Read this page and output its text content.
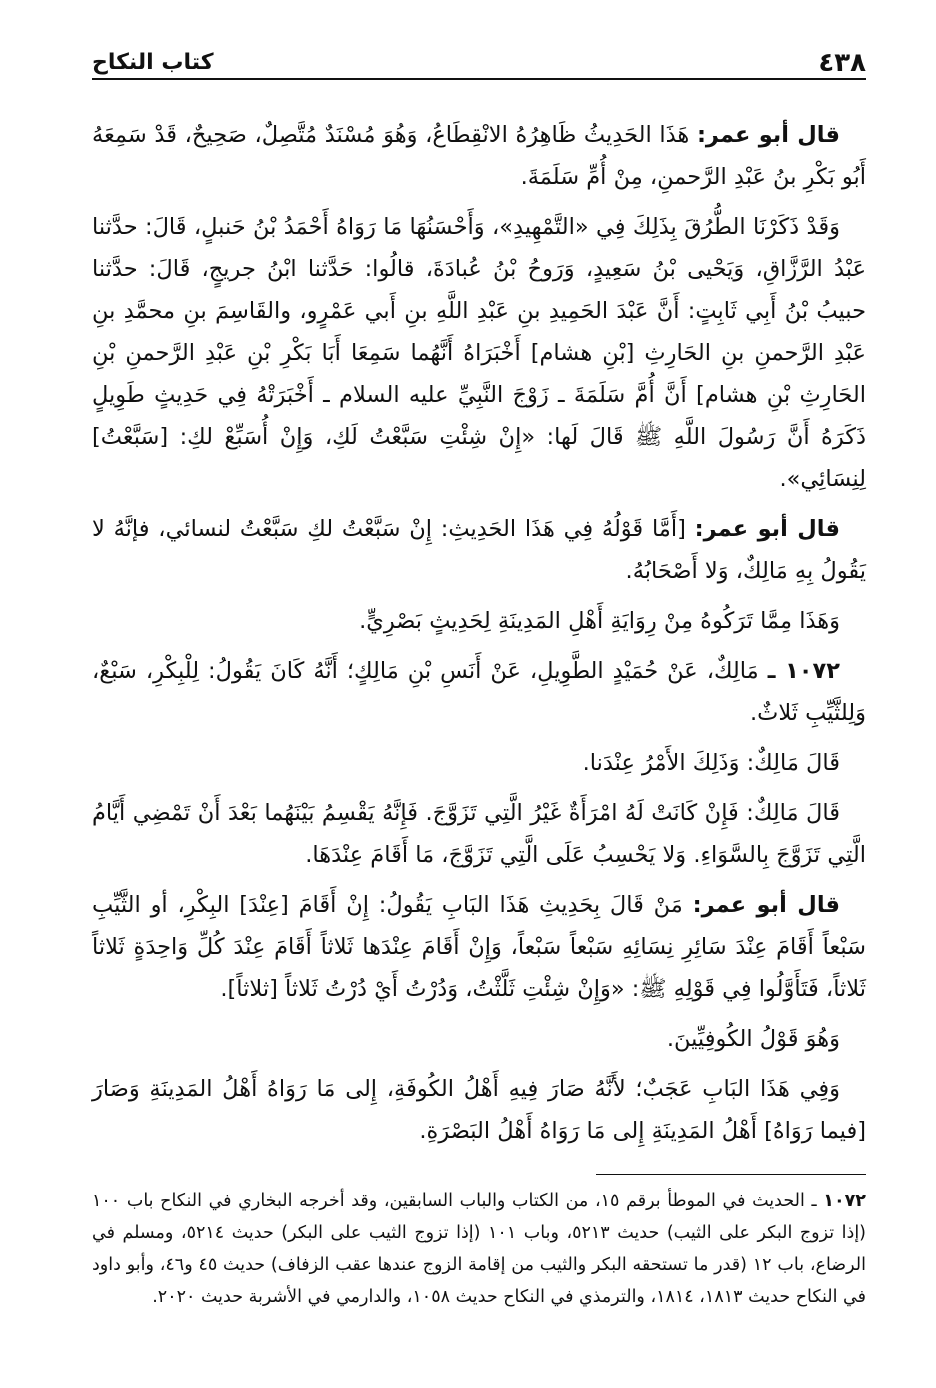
٤٣٨
كتاب النكاح

قال أبو عمر: هَذَا الحَدِيثُ ظَاهِرُهُ الانْقِطَاعُ، وَهُوَ مُسْنَدٌ مُتَّصِلٌ، صَحِيحٌ، قَدْ سَمِعَهُ أَبُو بَكْرِ بنُ عَبْدِ الرَّحمنِ، مِنْ أُمِّ سَلَمَةَ.

وَقَدْ ذَكَرْنَا الطُّرُقَ بِذَلِكَ فِي «التَّمْهِيدِ»، وَأَحْسَنُهَا مَا رَوَاهُ أَحْمَدُ بْنُ حَنبلٍ، قَالَ: حدَّثنا عَبْدُ الرَّزَّاقِ، وَيَحْيى بْنُ سَعِيدٍ، وَرَوحُ بْنُ عُبادَةَ، قالُوا: حَدَّثنا ابْنُ جريجٍ، قَالَ: حدَّثنا حبيبُ بْنُ أَبِي ثَابِتٍ: أَنَّ عَبْدَ الحَمِيدِ بنِ عَبْدِ اللَّهِ بنِ أَبي عَمْرٍو، والقَاسِمَ بنِ محمَّدِ بنِ عَبْدِ الرَّحمنِ بنِ الحَارِثِ [بْنِ هشام] أَخْبَرَاهُ أَنَّهُما سَمِعَا أَبَا بَكْرِ بْنِ عَبْدِ الرَّحمنِ بْنِ الحَارِثِ بْنِ هشام] أَنَّ أُمَّ سَلَمَةَ ـ زَوْجَ النَّبِيِّ عليه السلام ـ أَخْبَرَتْهُ فِي حَدِيثٍ طَوِيلٍ ذَكَرَهُ أَنَّ رَسُولَ اللَّهِ ﷺ قَالَ لَها: «إِنْ شِئْتِ سَبَّعْتُ لَكِ، وَإِنْ أُسَبِّعْ لكِ: [سَبَّعْتُ] لِنِسَائِي».

قال أبو عمر: [أَمَّا قَوْلُهُ فِي هَذَا الحَدِيثِ: إِنْ سَبَّعْتُ لكِ سَبَّعْتُ لنسائي، فإنَّهُ لا يَقُولُ بِهِ مَالِكٌ، وَلا أَصْحَابُهُ.

وَهَذَا مِمَّا تَرَكُوهُ مِنْ رِوَايَةِ أَهْلِ المَدِينَةِ لِحَدِيثٍ بَصْرِيٍّ.

١٠٧٢ ـ مَالِكٌ، عَنْ حُمَيْدٍ الطَّوِيلِ، عَنْ أَنَسِ بْنِ مَالِكٍ؛ أَنَّهُ كَانَ يَقُولُ: لِلْبِكْرِ، سَبْعٌ، وَلِلثَّيِّبِ ثَلاثٌ.

قَالَ مَالِكٌ: وَذَلِكَ الأَمْرُ عِنْدَنا.

قَالَ مَالِكٌ: فَإِنْ كَانَتْ لَهُ امْرَأَةٌ غَيْرُ الَّتِي تَزَوَّجَ. فَإِنَّهُ يَقْسِمُ بَيْنَهُما بَعْدَ أَنْ تَمْضِي أَيَّامُ الَّتِي تَزَوَّجَ بِالسَّوَاءِ. وَلا يَحْسِبُ عَلَى الَّتِي تَزَوَّجَ، مَا أَقَامَ عِنْدَهَا.

قال أبو عمر: مَنْ قَالَ بِحَدِيثِ هَذَا البَابِ يَقُولُ: إِنْ أَقَامَ [عِنْدَ] البِكْرِ، أو الثَّيِّبِ سَبْعاً أَقَامَ عِنْدَ سَائِرِ نِسَائِهِ سَبْعاً سَبْعاً، وَإِنْ أَقَامَ عِنْدَها ثَلاثاً أَقَامَ عِنْدَ كُلِّ وَاحِدَةٍ ثَلاثاً ثَلاثاً، فَتَأَوَّلُوا فِي قَوْلِهِ ﷺ: «وَإِنْ شِئْتِ ثَلَّثْتُ، وَدُرْتُ أَيْ دُرْتُ ثَلاثاً [ثلاثاً].

وَهُوَ قَوْلُ الكُوفِيِّينَ.

وَفِي هَذَا البَابِ عَجَبٌ؛ لأَنَّهُ صَارَ فِيهِ أَهْلُ الكُوفَةِ، إِلى مَا رَوَاهُ أَهْلُ المَدِينَةِ وَصَارَ [فيما رَوَاهُ] أَهْلُ المَدِينَةِ إِلى مَا رَوَاهُ أَهْلُ البَصْرَةِ.

١٠٧٢ ـ الحديث في الموطأ برقم ١٥، من الكتاب والباب السابقين، وقد أخرجه البخاري في النكاح باب ١٠٠ (إذا تزوج البكر على الثيب) حديث ٥٢١٣، وباب ١٠١ (إذا تزوج الثيب على البكر) حديث ٥٢١٤، ومسلم في الرضاع، باب ١٢ (قدر ما تستحقه البكر والثيب من إقامة الزوج عندها عقب الزفاف) حديث ٤٥ و٤٦، وأبو داود في النكاح حديث ١٨١٣، ١٨١٤، والترمذي في النكاح حديث ١٠٥٨، والدارمي في الأشربة حديث ٢٠٢٠.
